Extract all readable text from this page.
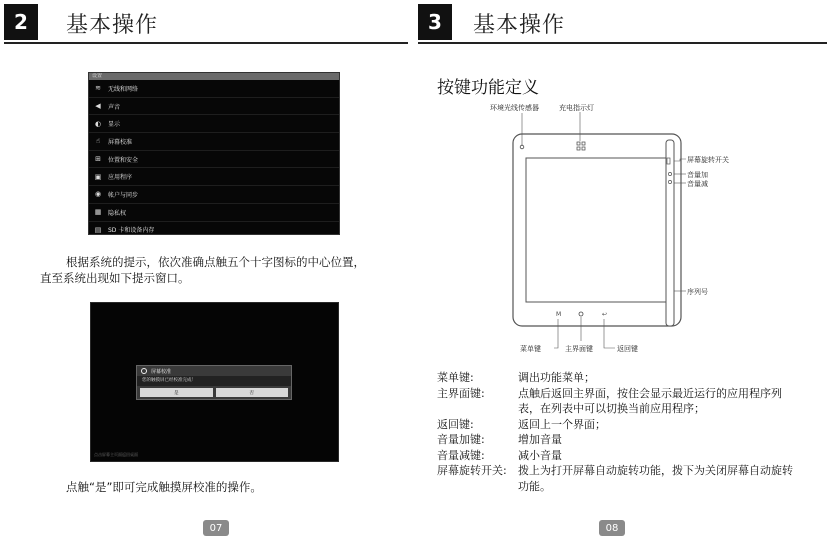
2	基本操作
设置
≋ 无线和网络
◀ 声音
◐ 显示
☝	屏幕校准
⊞ 位置和安全
▣ 应用程序
◉ 帐户与同步
▦ 隐私权
▤ SD 卡和设备内存
根据系统的提示，依次准确点触五个十字图标的中心位置，
直至系统出现如下提示窗口。
屏幕校准
您的触摸屏已经校准完成！
是	否
点击屏幕主页面返回桌面
点触“是”即可完成触摸屏校准的操作。
07
3	基本操作
按键功能定义
M	↩
环境光线传感器	充电指示灯
屏幕旋转开关
音量加
音量减
序列号
菜单键	主界面键	返回键
菜单键:	调出功能菜单；
主界面键:	点触后返回主界面，按住会显示最近运行的应用程序列表，在列表中可以切换当前应用程序；
返回键:	返回上一个界面；
音量加键:	增加音量
音量减键:	减小音量
屏幕旋转开关:	拨上为打开屏幕自动旋转功能，拨下为关闭屏幕自动旋转功能。
08
